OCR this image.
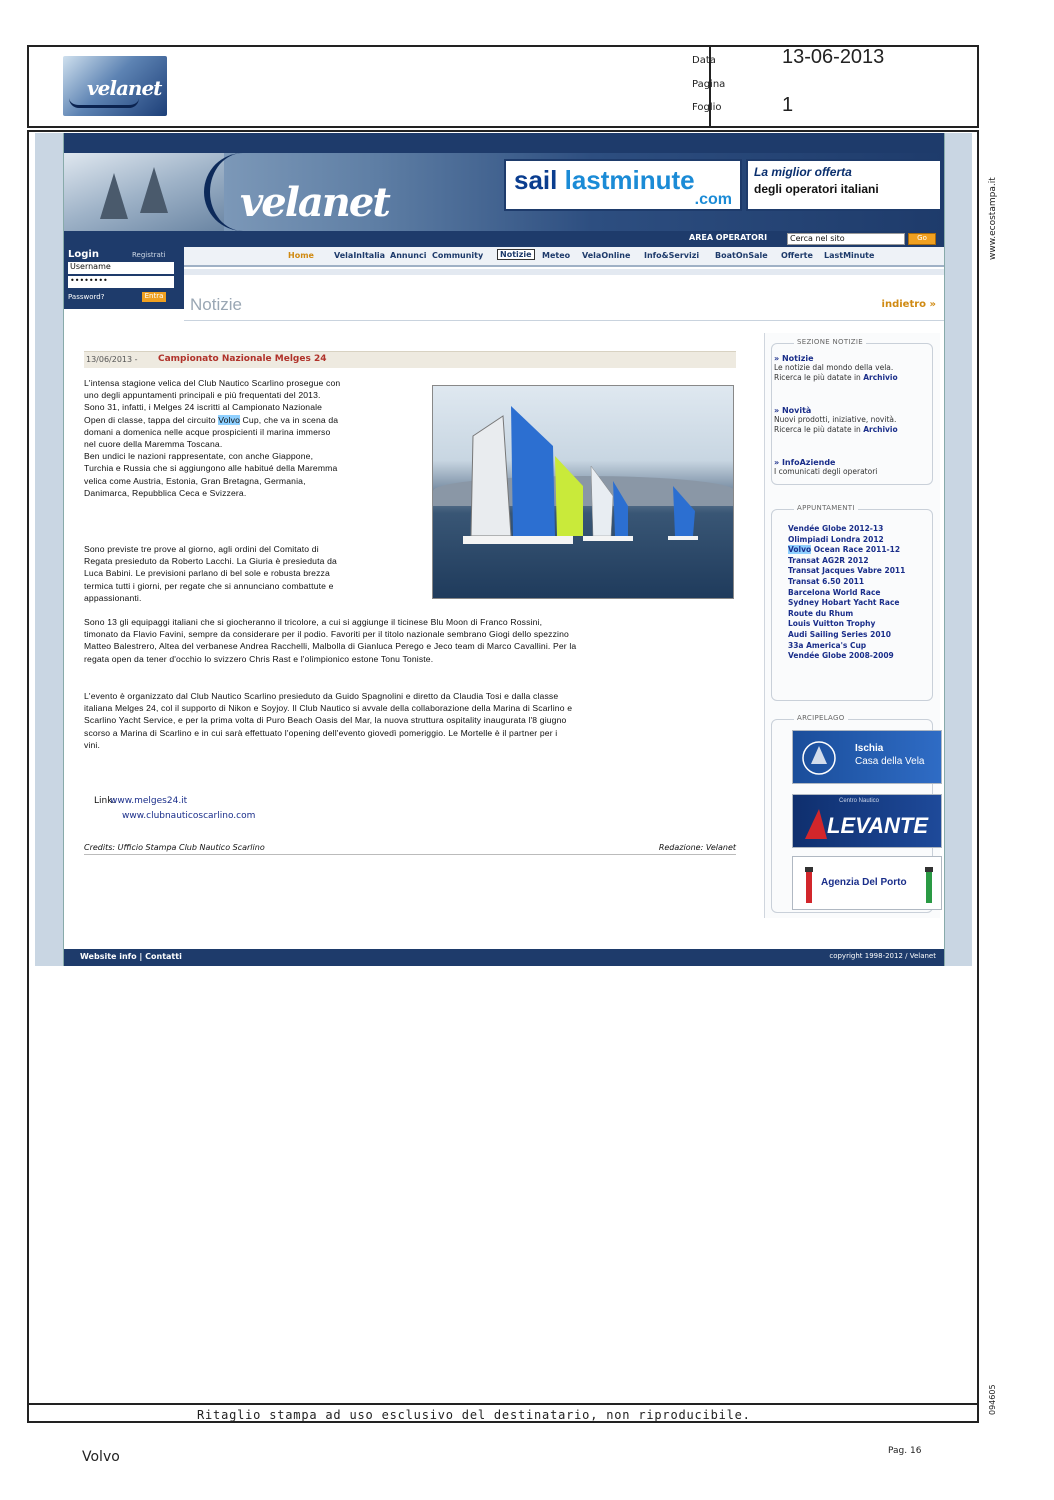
velanet
Data	13-06-2013
Pagina
Foglio	1
www.ecostampa.it
094605
velanet	sail lastminute
.com
La miglior offerta
degli operatori italiani
AREA OPERATORI	Cerca nel sito	Go
Login	Registrati
Username
••••••••
Password?	Entra
Home	VelaInItalia Annunci Community	Notizie	Meteo VelaOnline Info&Servizi BoatOnSale Offerte LastMinute
Notizie	indietro »
13/06/2013 - Campionato Nazionale Melges 24
L'intensa stagione velica del Club Nautico Scarlino prosegue con
uno degli appuntamenti principali e più frequentati del 2013.
Sono 31, infatti, i Melges 24 iscritti al Campionato Nazionale
Open di classe, tappa del circuito Volvo Cup, che va in scena da
domani a domenica nelle acque prospicienti il marina immerso
nel cuore della Maremma Toscana.
Ben undici le nazioni rappresentate, con anche Giappone,
Turchia e Russia che si aggiungono alle habitué della Maremma
velica come Austria, Estonia, Gran Bretagna, Germania,
Danimarca, Repubblica Ceca e Svizzera.
Sono previste tre prove al giorno, agli ordini del Comitato di
Regata presieduto da Roberto Lacchi. La Giuria è presieduta da
Luca Babini. Le previsioni parlano di bel sole e robusta brezza
termica tutti i giorni, per regate che si annunciano combattute e
appassionanti.
Sono 13 gli equipaggi italiani che si giocheranno il tricolore, a cui si aggiunge il ticinese Blu Moon di Franco Rossini,
timonato da Flavio Favini, sempre da considerare per il podio. Favoriti per il titolo nazionale sembrano Giogi dello spezzino
Matteo Balestrero, Altea del verbanese Andrea Racchelli, Malbolla di Gianluca Perego e Jeco team di Marco Cavallini. Per la
regata open da tener d'occhio lo svizzero Chris Rast e l'olimpionico estone Tonu Toniste.
L'evento è organizzato dal Club Nautico Scarlino presieduto da Guido Spagnolini e diretto da Claudia Tosi e dalla classe
italiana Melges 24, col il supporto di Nikon e Soyjoy. Il Club Nautico si avvale della collaborazione della Marina di Scarlino e
Scarlino Yacht Service, e per la prima volta di Puro Beach Oasis del Mar, la nuova struttura ospitality inaugurata l'8 giugno
scorso a Marina di Scarlino e in cui sarà effettuato l'opening dell'evento giovedì pomeriggio. Le Mortelle è il partner per i
vini.
Link:
www.melges24.it
www.clubnauticoscarlino.com
Credits: Ufficio Stampa Club Nautico Scarlino	Redazione: Velanet
SEZIONE NOTIZIE
» Notizie
Le notizie dal mondo della vela.
Ricerca le più datate in Archivio
» Novità
Nuovi prodotti, iniziative, novità.
Ricerca le più datate in Archivio
» InfoAziende
I comunicati degli operatori
APPUNTAMENTI
Vendée Globe 2012-13
Olimpiadi Londra 2012
Volvo Ocean Race 2011-12
Transat AG2R 2012
Transat Jacques Vabre 2011
Transat 6.50 2011
Barcelona World Race
Sydney Hobart Yacht Race
Route du Rhum
Louis Vuitton Trophy
Audi Sailing Series 2010
33a America's Cup
Vendée Globe 2008-2009
ARCIPELAGO
Ischia
Casa della Vela
Centro Nautico
LEVANTE
Agenzia Del Porto
Website info | Contatti	copyright 1998-2012 / Velanet
Ritaglio stampa ad uso esclusivo del destinatario, non riproducibile.
Volvo	Pag. 16
